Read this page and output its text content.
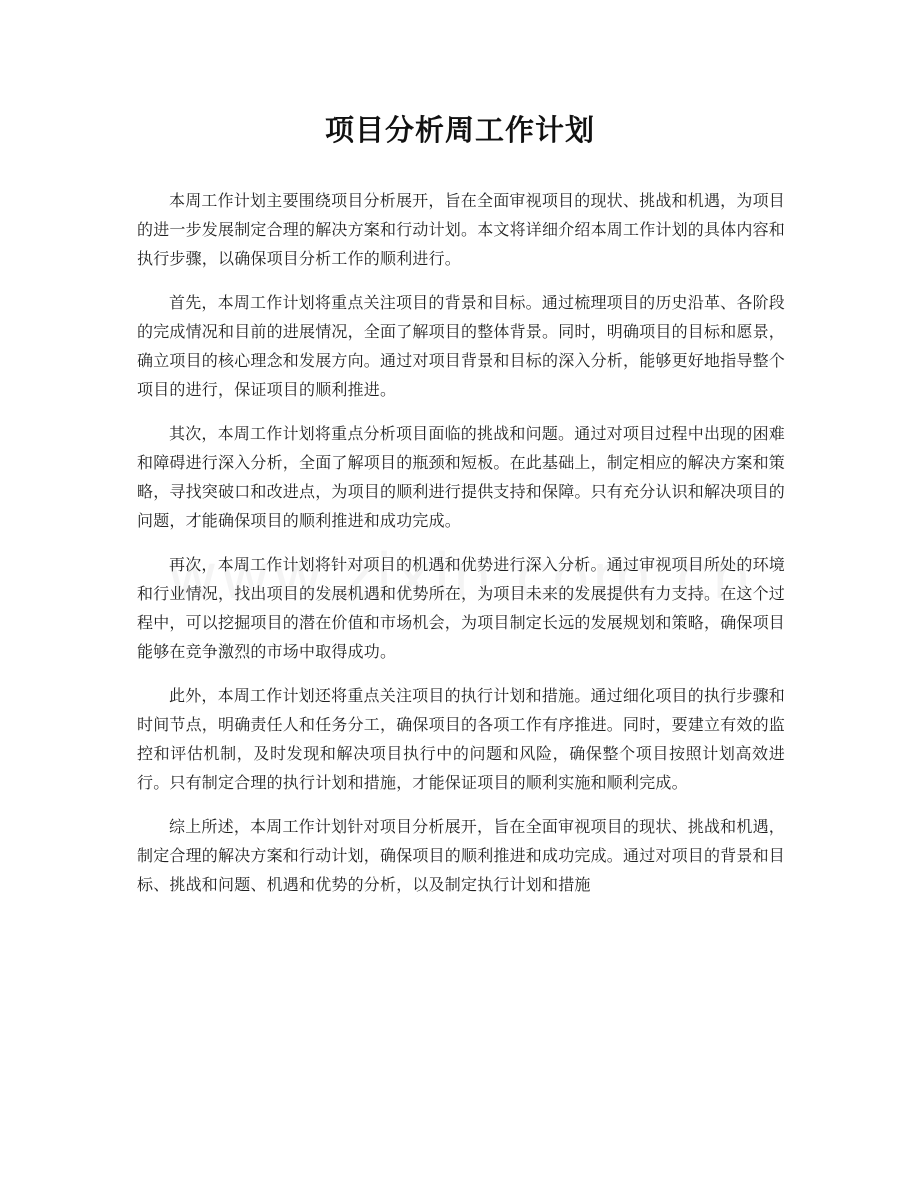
项目分析周工作计划

本周工作计划主要围绕项目分析展开，旨在全面审视项目的现状、挑战和机遇，为项目的进一步发展制定合理的解决方案和行动计划。本文将详细介绍本周工作计划的具体内容和执行步骤，以确保项目分析工作的顺利进行。

首先，本周工作计划将重点关注项目的背景和目标。通过梳理项目的历史沿革、各阶段的完成情况和目前的进展情况，全面了解项目的整体背景。同时，明确项目的目标和愿景，确立项目的核心理念和发展方向。通过对项目背景和目标的深入分析，能够更好地指导整个项目的进行，保证项目的顺利推进。

其次，本周工作计划将重点分析项目面临的挑战和问题。通过对项目过程中出现的困难和障碍进行深入分析，全面了解项目的瓶颈和短板。在此基础上，制定相应的解决方案和策略，寻找突破口和改进点，为项目的顺利进行提供支持和保障。只有充分认识和解决项目的问题，才能确保项目的顺利推进和成功完成。

再次，本周工作计划将针对项目的机遇和优势进行深入分析。通过审视项目所处的环境和行业情况，找出项目的发展机遇和优势所在，为项目未来的发展提供有力支持。在这个过程中，可以挖掘项目的潜在价值和市场机会，为项目制定长远的发展规划和策略，确保项目能够在竞争激烈的市场中取得成功。

此外，本周工作计划还将重点关注项目的执行计划和措施。通过细化项目的执行步骤和时间节点，明确责任人和任务分工，确保项目的各项工作有序推进。同时，要建立有效的监控和评估机制，及时发现和解决项目执行中的问题和风险，确保整个项目按照计划高效进行。只有制定合理的执行计划和措施，才能保证项目的顺利实施和顺利完成。

综上所述，本周工作计划针对项目分析展开，旨在全面审视项目的现状、挑战和机遇，制定合理的解决方案和行动计划，确保项目的顺利推进和成功完成。通过对项目的背景和目标、挑战和问题、机遇和优势的分析，以及制定执行计划和措施
